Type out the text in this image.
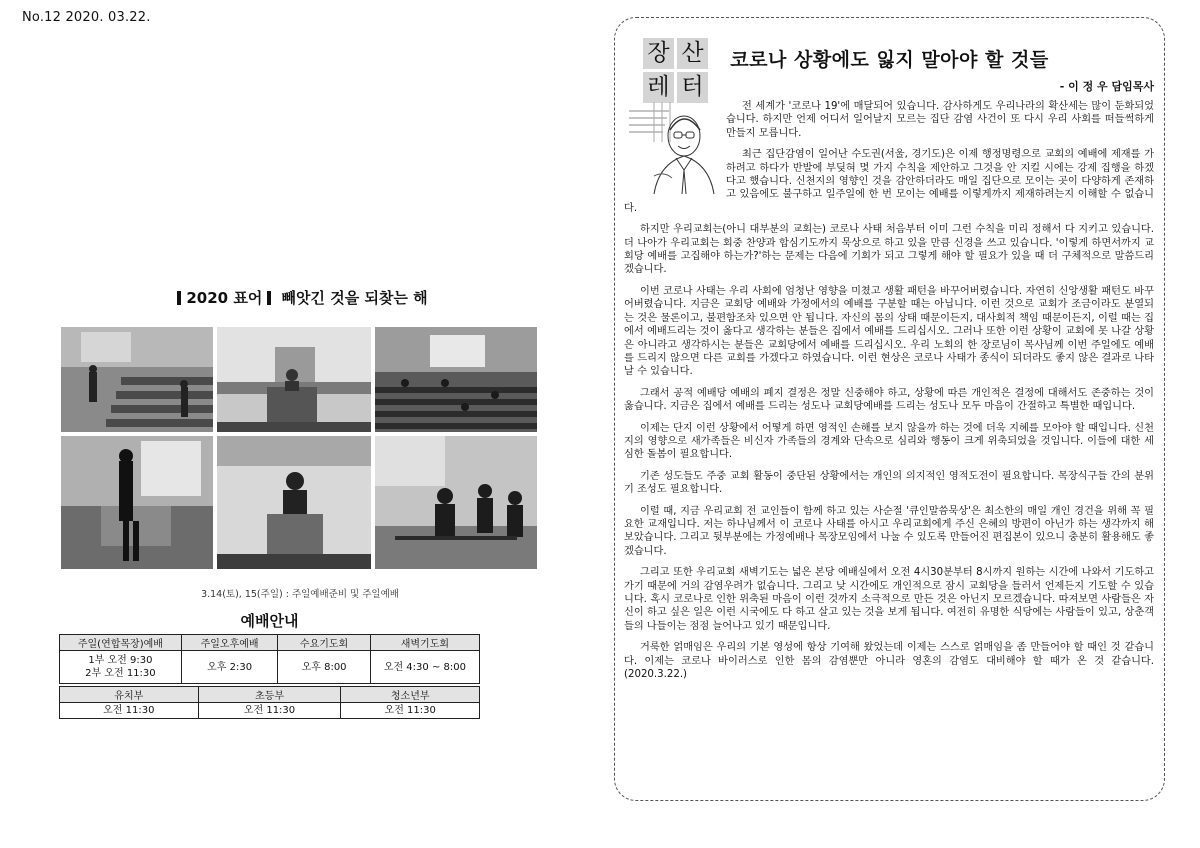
No.12 2020. 03.22.
2020 표어 빼앗긴 것을 되찾는 해
3.14(토), 15(주일) : 주일예배준비 및 주일예배
예배안내
주일(연합목장)예배	주일오후예배	수요기도회	새벽기도회
1부 오전 9:30
2부 오전 11:30	오후 2:30	오후 8:00	오전 4:30 ~ 8:00
유치부	초등부	청소년부
오전 11:30	오전 11:30	오전 11:30
장 산
레 터
코로나 상황에도 잃지 말아야 할 것들
- 이 정 우 담임목사

전 세계가 '코로나 19'에 매달되어 있습니다. 감사하게도 우리나라의 확산세는 많이 둔화되었습니다. 하지만 언제 어디서 일어날지 모르는 집단 감염 사건이 또 다시 우리 사회를 떠들썩하게 만들지 모릅니다.

최근 집단감염이 일어난 수도권(서울, 경기도)은 이제 행정명령으로 교회의 예배에 제재를 가하려고 하다가 반발에 부딪혀 몇 가지 수칙을 제안하고 그것을 안 지킬 시에는 강제 집행을 하겠다고 했습니다. 신천지의 영향인 것을 감안하더라도 매일 집단으로 모이는 곳이 다양하게 존재하고 있음에도 불구하고 일주일에 한 번 모이는 예배를 이렇게까지 제재하려는지 이해할 수 없습니다.

하지만 우리교회는(아니 대부분의 교회는) 코로나 사태 처음부터 이미 그런 수칙을 미리 정해서 다 지키고 있습니다. 더 나아가 우리교회는 회중 찬양과 합심기도까지 묵상으로 하고 있을 만큼 신경을 쓰고 있습니다. '이렇게 하면서까지 교회당 예배를 고집해야 하는가?'하는 문제는 다음에 기회가 되고 그렇게 해야 할 필요가 있을 때 더 구체적으로 말씀드리겠습니다.

이번 코로나 사태는 우리 사회에 엄청난 영향을 미쳤고 생활 패턴을 바꾸어버렸습니다. 자연히 신앙생활 패턴도 바꾸어버렸습니다. 지금은 교회당 예배와 가정에서의 예배를 구분할 때는 아닙니다. 이런 것으로 교회가 조금이라도 분열되는 것은 물론이고, 불편함조차 있으면 안 됩니다. 자신의 몸의 상태 때문이든지, 대사회적 책임 때문이든지, 이럴 때는 집에서 예배드리는 것이 옳다고 생각하는 분들은 집에서 예배를 드리십시오. 그러나 또한 이런 상황이 교회에 못 나갈 상황은 아니라고 생각하시는 분들은 교회당에서 예배를 드리십시오. 우리 노회의 한 장로님이 목사님께 이번 주일에도 예배를 드리지 않으면 다른 교회를 가겠다고 하였습니다. 이런 현상은 코로나 사태가 종식이 되더라도 좋지 않은 결과로 나타날 수 있습니다.

그래서 공적 예배당 예배의 폐지 결정은 정말 신중해야 하고, 상황에 따른 개인적은 결정에 대해서도 존중하는 것이 옳습니다. 지금은 집에서 예배를 드리는 성도나 교회당예배를 드리는 성도나 모두 마음이 간절하고 특별한 때입니다.

이제는 단지 이런 상황에서 어떻게 하면 영적인 손해를 보지 않을까 하는 것에 더욱 지혜를 모아야 할 때입니다. 신천지의 영향으로 새가족들은 비신자 가족들의 경계와 단속으로 심리와 행동이 크게 위축되었을 것입니다. 이들에 대한 세심한 돌봄이 필요합니다.

기존 성도들도 주중 교회 활동이 중단된 상황에서는 개인의 의지적인 영적도전이 필요합니다. 목장식구들 간의 분위기 조성도 필요합니다.

이럴 때, 지금 우리교회 전 교인들이 함께 하고 있는 사순절 '큐인말씀묵상'은 최소한의 매일 개인 경건을 위해 꼭 필요한 교재입니다. 저는 하나님께서 이 코로나 사태를 아시고 우리교회에게 주신 은혜의 방편이 아닌가 하는 생각까지 해보았습니다. 그리고 뒷부분에는 가정예배나 목장모임에서 나눌 수 있도록 만들어진 편집본이 있으니 충분히 활용해도 좋겠습니다.

그리고 또한 우리교회 새벽기도는 넓은 본당 예배실에서 오전 4시30분부터 8시까지 원하는 시간에 나와서 기도하고 가기 때문에 거의 감염우려가 없습니다. 그리고 낮 시간에도 개인적으로 잠시 교회당을 들러서 언제든지 기도할 수 있습니다. 혹시 코로나로 인한 위축된 마음이 이런 것까지 소극적으로 만든 것은 아닌지 모르겠습니다. 따져보면 사람들은 자신이 하고 싶은 일은 이런 시국에도 다 하고 살고 있는 것을 보게 됩니다. 여전히 유명한 식당에는 사람들이 있고, 상춘객들의 나들이는 점점 늘어나고 있기 때문입니다.

거룩한 얽매임은 우리의 기본 영성에 항상 기여해 왔었는데 이제는 스스로 얽매임을 좀 만들어야 할 때인 것 같습니다. 이제는 코로나 바이러스로 인한 몸의 감염뿐만 아니라 영혼의 감염도 대비해야 할 때가 온 것 같습니다.(2020.3.22.)
